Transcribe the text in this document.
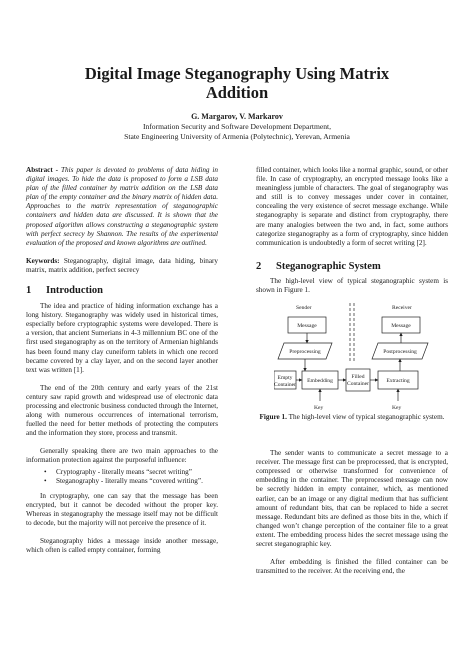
Digital Image Steganography Using Matrix Addition
G. Margarov, V. Markarov
Information Security and Software Development Department,
State Engineering University of Armenia (Polytechnic), Yerevan, Armenia

Abstract - This paper is devoted to problems of data hiding in digital images. To hide the data is proposed to form a LSB data plan of the filled container by matrix addition on the LSB data plan of the empty container and the binary matrix of hidden data. Approaches to the matrix representation of steganographic containers and hidden data are discussed. It is shown that the proposed algorithm allows constructing a steganographic system with perfect secrecy by Shannon. The results of the experimental evaluation of the proposed and known algorithms are outlined.

Keywords: Steganography, digital image, data hiding, binary matrix, matrix addition, perfect secrecy

1 Introduction

The idea and practice of hiding information exchange has a long history. Steganography was widely used in historical times, especially before cryptographic systems were developed. There is a version, that ancient Sumerians in 4-3 millennium BC one of the first used steganography as on the territory of Armenian highlands has been found many clay cuneiform tablets in which one record became covered by a clay layer, and on the second layer another text was written [1].

The end of the 20th century and early years of the 21st century saw rapid growth and widespread use of electronic data processing and electronic business conducted through the Internet, along with numerous occurrences of international terrorism, fuelled the need for better methods of protecting the computers and the information they store, process and transmit.

Generally speaking there are two main approaches to the information protection against the purposeful influence:

• Cryptography - literally means “secret writing”
• Steganography - literally means “covered writing”.

In cryptography, one can say that the message has been encrypted, but it cannot be decoded without the proper key. Whereas in steganography the message itself may not be difficult to decode, but the majority will not perceive the presence of it.

Steganography hides a message inside another message, which often is called empty container, forming

filled container, which looks like a normal graphic, sound, or other file. In case of cryptography, an encrypted message looks like a meaningless jumble of characters. The goal of steganography was and still is to convey messages under cover in container, concealing the very existence of secret message exchange. While steganography is separate and distinct from cryptography, there are many analogies between the two and, in fact, some authors categorize steganography as a form of cryptography, since hidden communication is undoubtedly a form of secret writing [2].

2 Steganographic System

The high-level view of typical steganographic system is shown in Figure 1.

Sender	Receiver
Message	Message
Preprocessing	Postprocessing
Empty
Container
Embedding
Filled
Container	Extracting
Key	Key
Figure 1. The high-level view of typical steganographic system.

The sender wants to communicate a secret message to a receiver. The message first can be preprocessed, that is encrypted, compressed or otherwise transformed for convenience of embedding in the container. The preprocessed message can now be secretly hidden in empty container, which, as mentioned earlier, can be an image or any digital medium that has sufficient amount of redundant bits, that can be replaced to hide a secret message. Redundant bits are defined as those bits in the, which if changed won’t change perception of the container file to a great extent. The embedding process hides the secret message using the secret steganographic key.

After embedding is finished the filled container can be transmitted to the receiver. At the receiving end, the
